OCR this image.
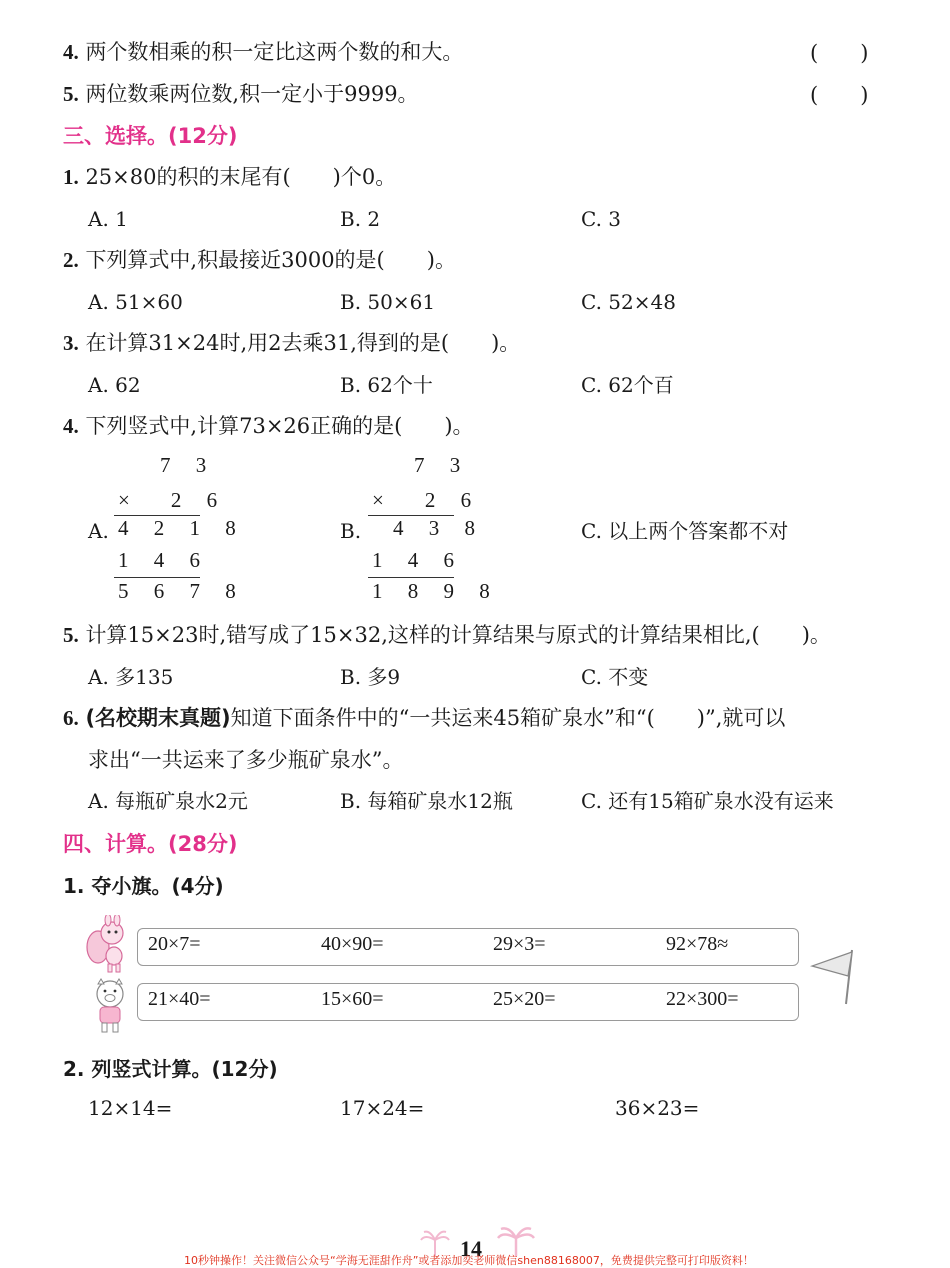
4. 两个数相乘的积一定比这两个数的和大。	(　　)
5. 两位数乘两位数,积一定小于9999。	(　　)
三、选择。(12分)
1. 25×80的积的末尾有(　　)个0。
A. 1	B. 2	C. 3
2. 下列算式中,积最接近3000的是(　　)。
A. 51×60	B. 50×61	C. 52×48
3. 在计算31×24时,用2去乘31,得到的是(　　)。
A. 62	B. 62个十	C. 62个百
4. 下列竖式中,计算73×26正确的是(　　)。
A.
7 3
×　2 6
4 2 1 8
1 4 6
5 6 7 8
B.
7 3
×　2 6
4 3 8
1 4 6
1 8 9 8
C. 以上两个答案都不对
5. 计算15×23时,错写成了15×32,这样的计算结果与原式的计算结果相比,(　　)。
A. 多135	B. 多9	C. 不变
6. (名校期末真题)知道下面条件中的“一共运来45箱矿泉水”和“(　　)”,就可以
求出“一共运来了多少瓶矿泉水”。
A. 每瓶矿泉水2元	B. 每箱矿泉水12瓶	C. 还有15箱矿泉水没有运来
四、计算。(28分)
1. 夺小旗。(4分)
20×7=	40×90=	29×3=	92×78≈
21×40=	15×60=	25×20=	22×300=
2. 列竖式计算。(12分)
12×14=	17×24=	36×23=
14
10秒钟操作！关注微信公众号“学海无涯甜作舟”或者添加奕老师微信shen88168007，免费提供完整可打印版资料！
